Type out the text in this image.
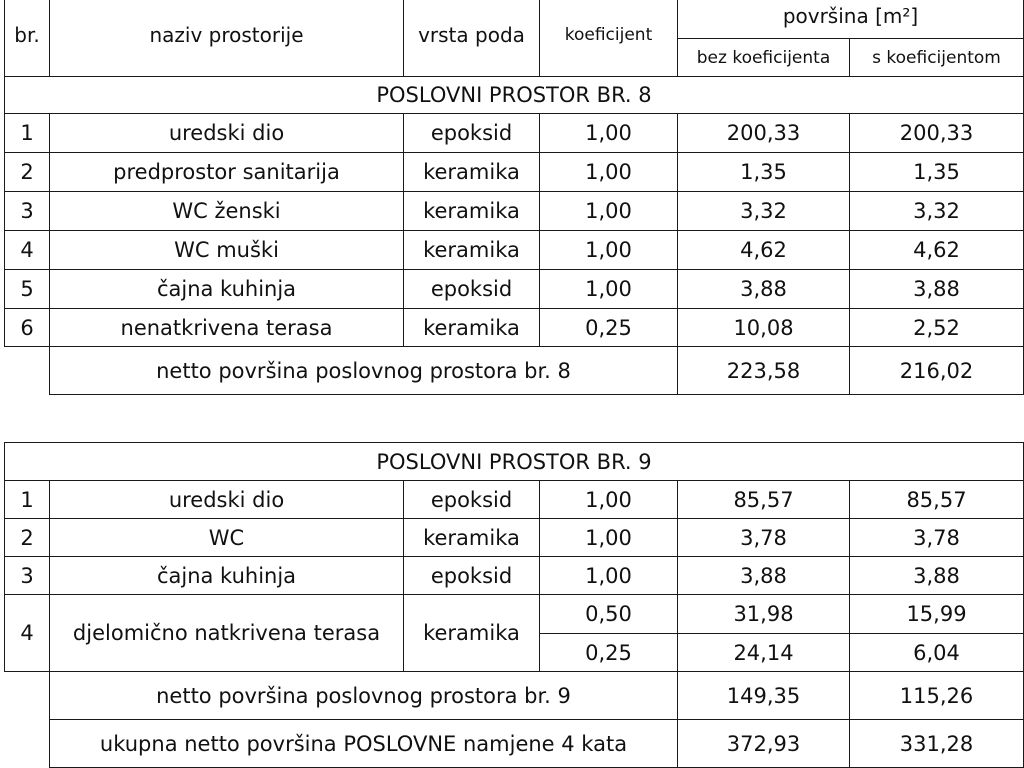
br.	naziv prostorije	vrsta poda	koeficijent	površina [m²]	
				bez koeficijenta	s koeficijentom
POSLOVNI PROSTOR BR. 8					
1	uredski dio	epoksid	1,00	200,33	200,33
2	predprostor sanitarija	keramika	1,00	1,35	1,35
3	WC ženski	keramika	1,00	3,32	3,32
4	WC muški	keramika	1,00	4,62	4,62
5	čajna kuhinja	epoksid	1,00	3,88	3,88
6	nenatkrivena terasa	keramika	0,25	10,08	2,52
	netto površina poslovnog prostora br. 8			223,58	216,02
POSLOVNI PROSTOR BR. 9					
1	uredski dio	epoksid	1,00	85,57	85,57
2	WC	keramika	1,00	3,78	3,78
3	čajna kuhinja	epoksid	1,00	3,88	3,88
4	djelomično natkrivena terasa	keramika	0,50	31,98	15,99
			0,25	24,14	6,04
	netto površina poslovnog prostora br. 9			149,35	115,26
	ukupna netto površina POSLOVNE namjene 4 kata			372,93	331,28
